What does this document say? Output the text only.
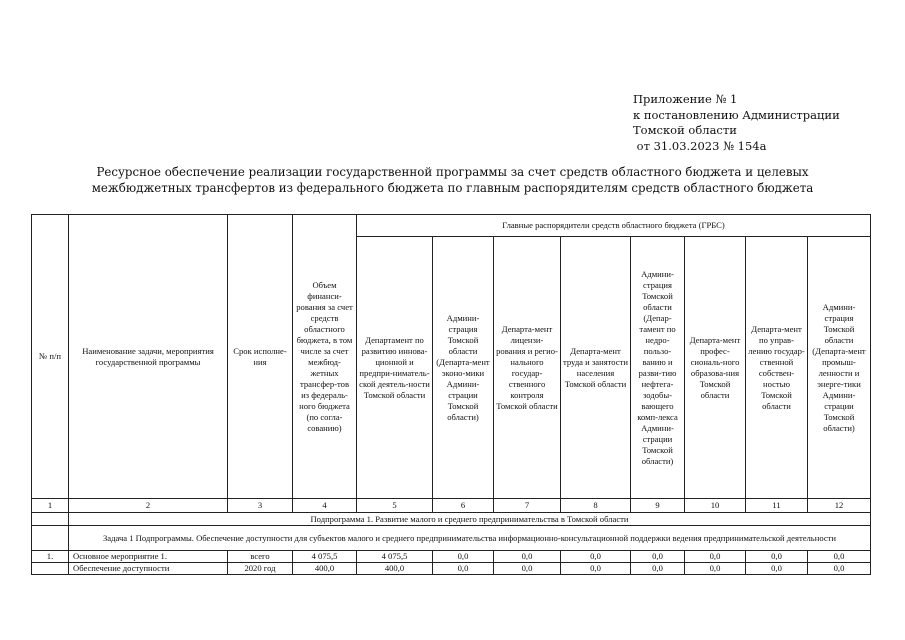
Приложение № 1
к постановлению Администрации
Томской области
от 31.03.2023 № 154а
Ресурсное обеспечение реализации государственной программы за счет средств областного бюджета и целевых
межбюджетных трансфертов из федерального бюджета по главным распорядителям средств областного бюджета
№ п/п	Наименование задачи, мероприятия государственной программы	Срок исполне-ния	Объем финанси-рования за счет средств областного бюджета, в том числе за счет межбюд-жетных трансфер-тов из федераль-ного бюджета (по согла-сованию)	Главные распорядители средств областного бюджета (ГРБС)							
				Департамент по развитию иннова-ционной и предпри-ниматель-ской деятель-ности Томской области	Админи-страция Томской области (Департа-мент эконо-мики Админи-страции Томской области)	Департа-мент лицензи-рования и регио-нального государ-ственного контроля Томской области	Департа-мент труда и занятости населения Томской области	Админи-страция Томской области (Депар-тамент по недро-пользо-ванию и разви-тию нефтега-зодобы-вающего комп-лекса Админи-страции Томской области)	Департа-мент профес-сиональ-ного образова-ния Томской области	Департа-мент по управ-лению государ-ственной собствен-ностью Томской области	Админи-страция Томской области (Департа-мент промыш-ленности и энерге-тики Админи-страции Томской области)
1	2	3	4	5	6	7	8	9	10	11	12
	Подпрограмма 1. Развитие малого и среднего предпринимательства в Томской области										
	Задача 1 Подпрограммы. Обеспечение доступности для субъектов малого и среднего предпринимательства информационно-консультационной поддержки ведения предпринимательской деятельности										
1.	Основное мероприятие 1.	всего	4 075,5	4 075,5	0,0	0,0	0,0	0,0	0,0	0,0	0,0
	Обеспечение доступности	2020 год	400,0	400,0	0,0	0,0	0,0	0,0	0,0	0,0	0,0
